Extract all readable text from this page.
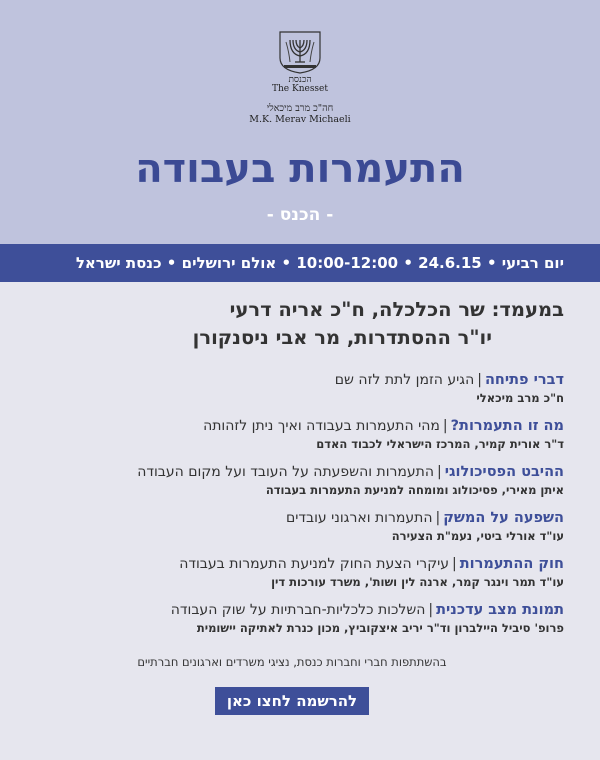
הכנסת
The Knesset
חה"כ מרב מיכאלי
M.K. Merav Michaeli
התעמרות בעבודה
- הכנס -
יום רביעי • 24.6.15 • 10:00-12:00 • אולם ירושלים • כנסת ישראל
במעמד: שר הכלכלה, ח"כ אריה דרעי
יו"ר ההסתדרות, מר אבי ניסנקורן
דברי פתיחה|הגיע הזמן לתת לזה שם
ח"כ מרב מיכאלי
מה זו התעמרות?|מהי התעמרות בעבודה ואיך ניתן לזהותה
ד"ר אורית קמיר, המרכז הישראלי לכבוד האדם
ההיבט הפסיכולוגי|התעמרות והשפעתה על העובד ועל מקום העבודה
איתן מאירי, פסיכולוג ומומחה למניעת התעמרות בעבודה
השפעה על המשק|התעמרות וארגוני עובדים
עו"ד אורלי ביטי, נעמ"ת הצעירה
חוק ההתעמרות|עיקרי הצעת החוק למניעת התעמרות בעבודה
עו"ד תמר וינגר קמר, ארנה לין ושות', משרד עורכות דין
תמונת מצב עדכנית|השלכות כלכליות-חברתיות על שוק העבודה
פרופ' סיביל היילברון וד"ר יריב איצקוביץ, מכון כנרת לאתיקה יישומית
בהשתתפות חברי וחברות כנסת, נציגי משרדים וארגונים חברתיים
להרשמה לחצו כאן
